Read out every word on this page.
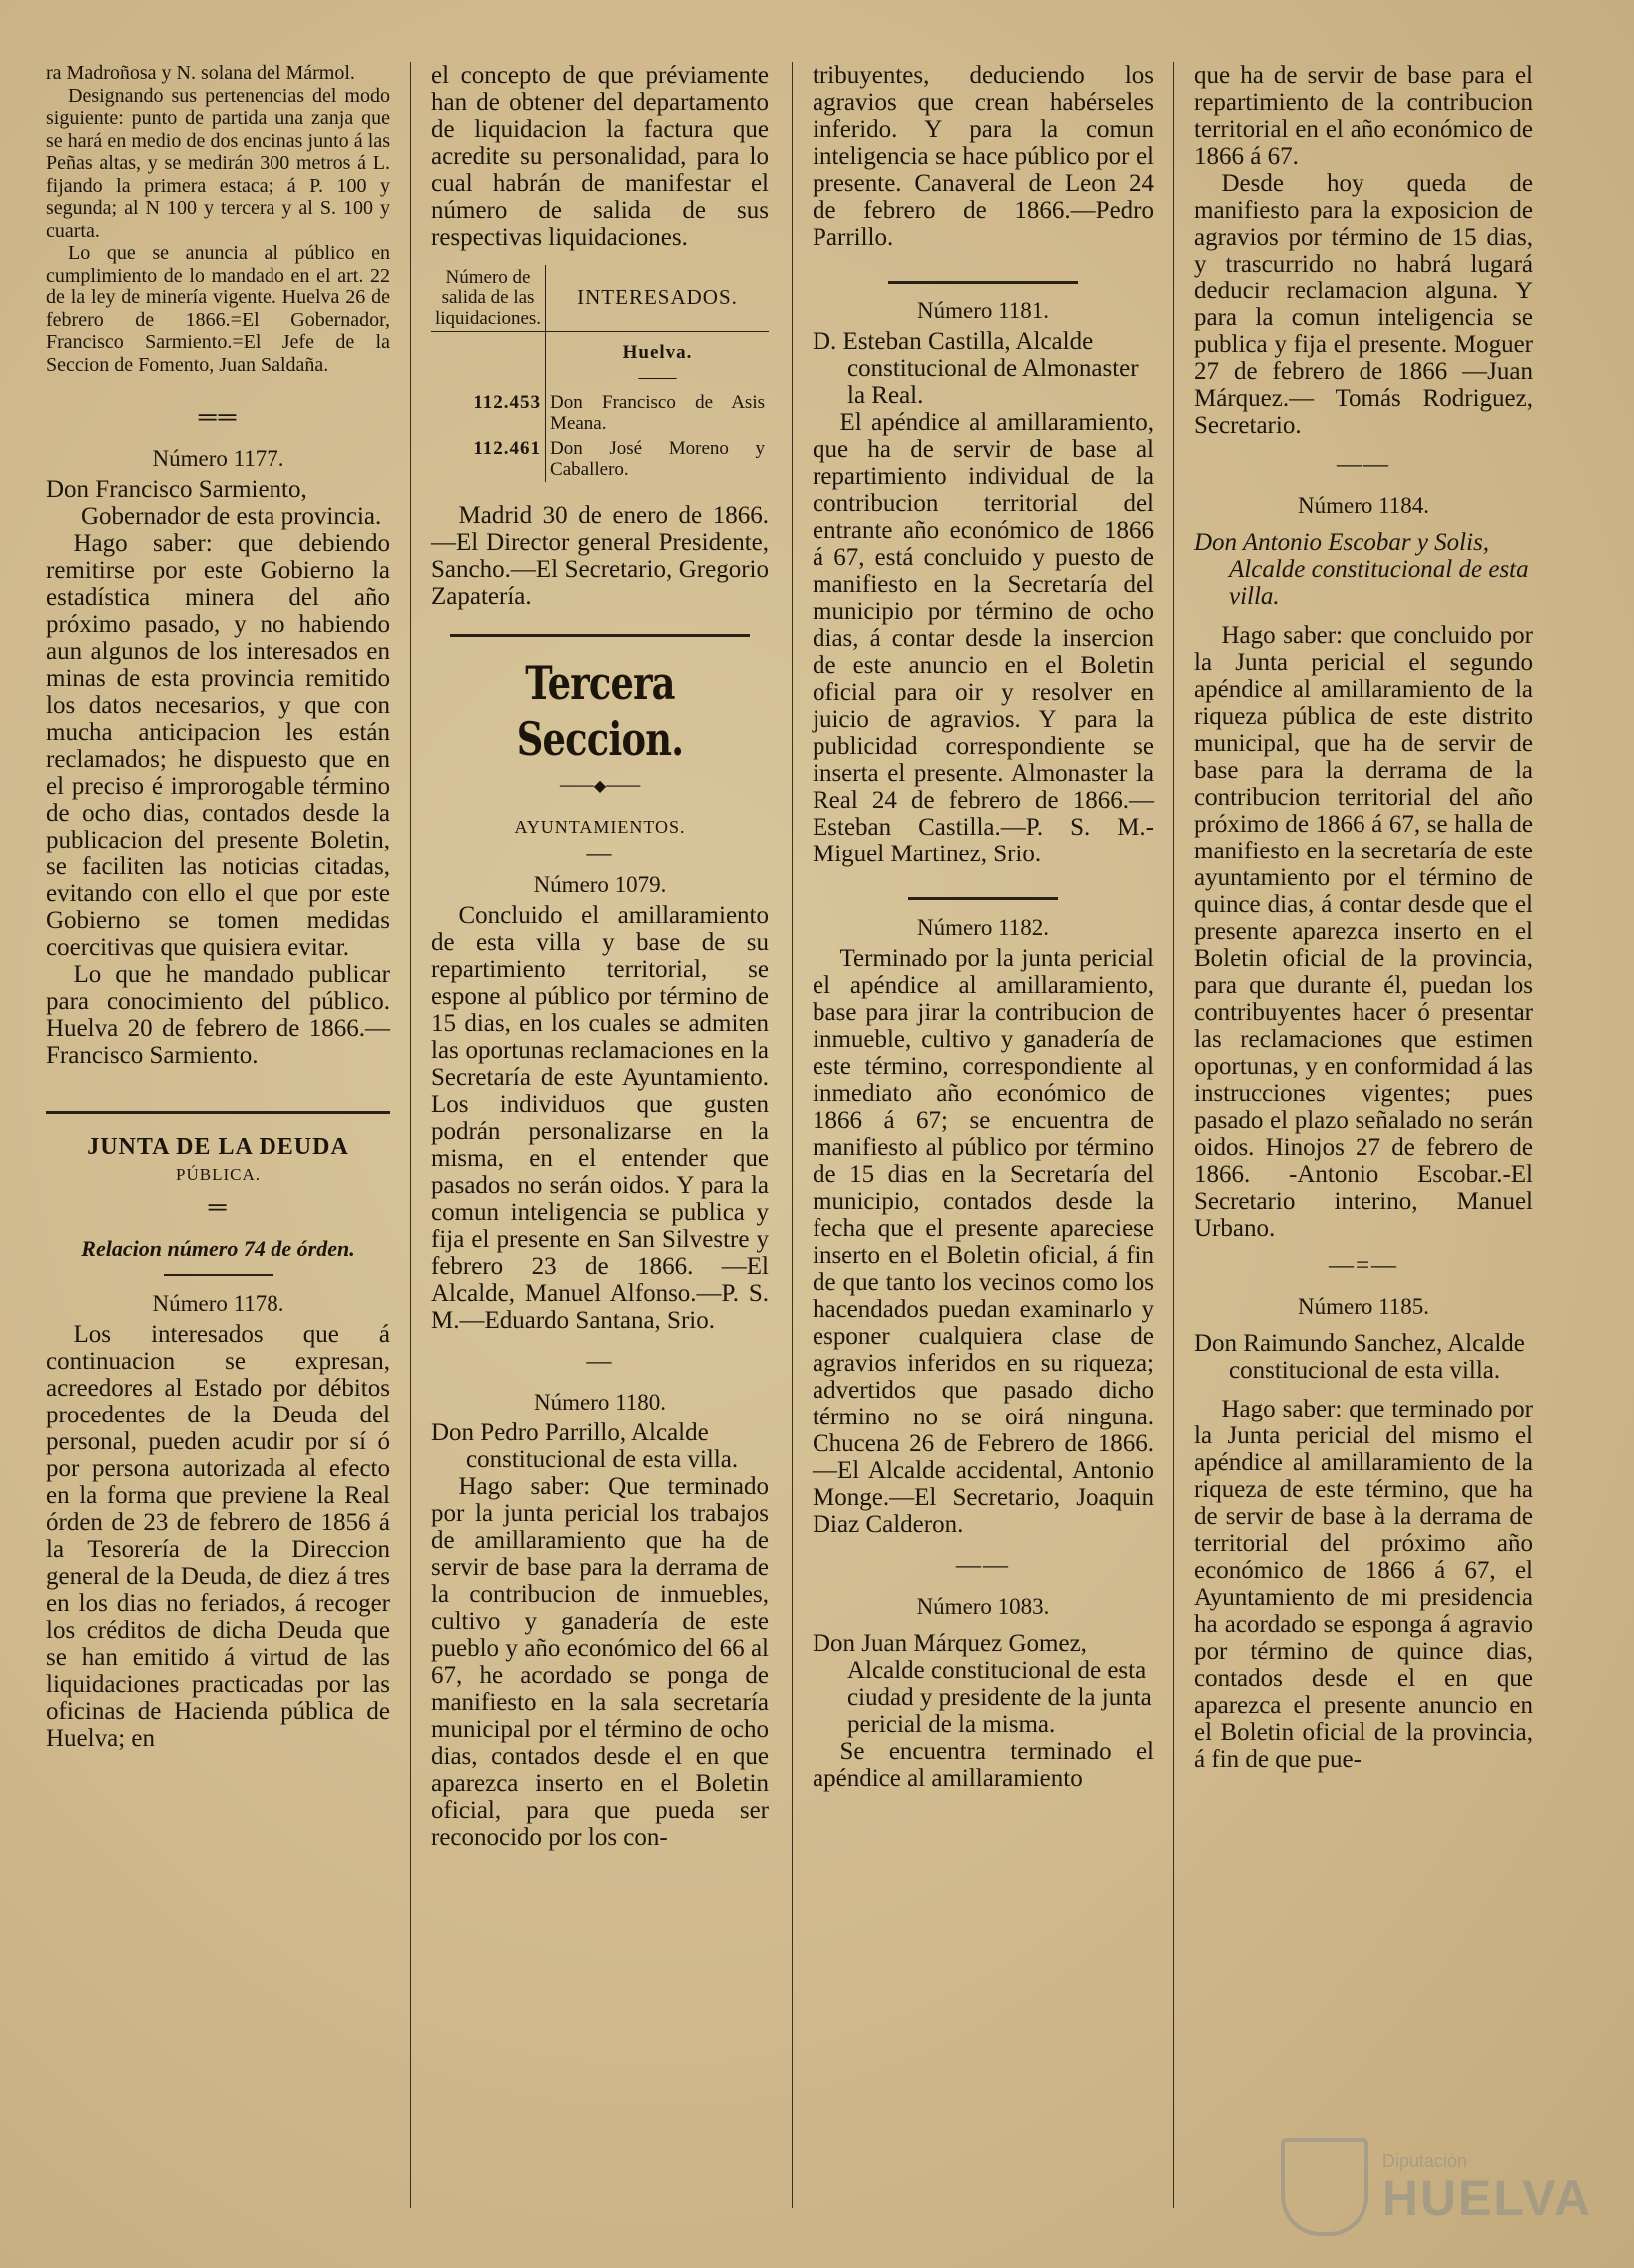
ra Madroñosa y N. solana del Mármol.

Designando sus pertenencias del modo siguiente: punto de partida una zanja que se hará en medio de dos encinas junto á las Peñas altas, y se medirán 300 metros á L. fijando la primera estaca; á P. 100 y segunda; al N 100 y tercera y al S. 100 y cuarta.

Lo que se anuncia al público en cumplimiento de lo mandado en el art. 22 de la ley de minería vigente. Huelva 26 de febrero de 1866.=El Gobernador, Francisco Sarmiento.=El Jefe de la Seccion de Fomento, Juan Saldaña.

══

Número 1177.

Don Francisco Sarmiento, Gobernador de esta provincia.

Hago saber: que debiendo remitirse por este Gobierno la estadística minera del año próximo pasado, y no habiendo aun algunos de los interesados en minas de esta provincia remitido los datos necesarios, y que con mucha anticipacion les están reclamados; he dispuesto que en el preciso é improrogable término de ocho dias, contados desde la publicacion del presente Boletin, se faciliten las noticias citadas, evitando con ello el que por este Gobierno se tomen medidas coercitivas que quisiera evitar.

Lo que he mandado publicar para conocimiento del público. Huelva 20 de febrero de 1866.—Francisco Sarmiento.

JUNTA DE LA DEUDA

PÚBLICA.

═

Relacion número 74 de órden.

Número 1178.

Los interesados que á continuacion se expresan, acreedores al Estado por débitos procedentes de la Deuda del personal, pueden acudir por sí ó por persona autorizada al efecto en la forma que previene la Real órden de 23 de febrero de 1856 á la Tesorería de la Direccion general de la Deuda, de diez á tres en los dias no feriados, á recoger los créditos de dicha Deuda que se han emitido á virtud de las liquidaciones practicadas por las oficinas de Hacienda pública de Huelva; en

el concepto de que préviamente han de obtener del departamento de liquidacion la factura que acredite su personalidad, para lo cual habrán de manifestar el número de salida de sus respectivas liquidaciones.

Número de salida de las liquidaciones.	INTERESADOS.
	Huelva.
	——
112.453	Don Francisco de Asis Meana.
112.461	Don José Moreno y Caballero.

Madrid 30 de enero de 1866. —El Director general Presidente, Sancho.—El Secretario, Gregorio Zapatería.

Tercera Seccion.

───◆───

AYUNTAMIENTOS.

—

Número 1079.

Concluido el amillaramiento de esta villa y base de su repartimiento territorial, se espone al público por término de 15 dias, en los cuales se admiten las oportunas reclamaciones en la Secretaría de este Ayuntamiento. Los individuos que gusten podrán personalizarse en la misma, en el entender que pasados no serán oidos. Y para la comun inteligencia se publica y fija el presente en San Silvestre y febrero 23 de 1866. —El Alcalde, Manuel Alfonso.—P. S. M.—Eduardo Santana, Srio.

—

Número 1180.

Don Pedro Parrillo, Alcalde constitucional de esta villa.

Hago saber: Que terminado por la junta pericial los trabajos de amillaramiento que ha de servir de base para la derrama de la contribucion de inmuebles, cultivo y ganadería de este pueblo y año económico del 66 al 67, he acordado se ponga de manifiesto en la sala secretaría municipal por el término de ocho dias, contados desde el en que aparezca inserto en el Boletin oficial, para que pueda ser reconocido por los con-

tribuyentes, deduciendo los agravios que crean habérseles inferido. Y para la comun inteligencia se hace público por el presente. Canaveral de Leon 24 de febrero de 1866.—Pedro Parrillo.

Número 1181.

D. Esteban Castilla, Alcalde constitucional de Almonaster la Real.

El apéndice al amillaramiento, que ha de servir de base al repartimiento individual de la contribucion territorial del entrante año económico de 1866 á 67, está concluido y puesto de manifiesto en la Secretaría del municipio por término de ocho dias, á contar desde la insercion de este anuncio en el Boletin oficial para oir y resolver en juicio de agravios. Y para la publicidad correspondiente se inserta el presente. Almonaster la Real 24 de febrero de 1866.—Esteban Castilla.—P. S. M.-Miguel Martinez, Srio.

Número 1182.

Terminado por la junta pericial el apéndice al amillaramiento, base para jirar la contribucion de inmueble, cultivo y ganadería de este término, correspondiente al inmediato año económico de 1866 á 67; se encuentra de manifiesto al público por término de 15 dias en la Secretaría del municipio, contados desde la fecha que el presente apareciese inserto en el Boletin oficial, á fin de que tanto los vecinos como los hacendados puedan examinarlo y esponer cualquiera clase de agravios inferidos en su riqueza; advertidos que pasado dicho término no se oirá ninguna. Chucena 26 de Febrero de 1866.—El Alcalde accidental, Antonio Monge.—El Secretario, Joaquin Diaz Calderon.

——

Número 1083.

Don Juan Márquez Gomez, Alcalde constitucional de esta ciudad y presidente de la junta pericial de la misma.

Se encuentra terminado el apéndice al amillaramiento

que ha de servir de base para el repartimiento de la contribucion territorial en el año económico de 1866 á 67.

Desde hoy queda de manifiesto para la exposicion de agravios por término de 15 dias, y trascurrido no habrá lugará deducir reclamacion alguna. Y para la comun inteligencia se publica y fija el presente. Moguer 27 de febrero de 1866 —Juan Márquez.— Tomás Rodriguez, Secretario.

——

Número 1184.

Don Antonio Escobar y Solis, Alcalde constitucional de esta villa.

Hago saber: que concluido por la Junta pericial el segundo apéndice al amillaramiento de la riqueza pública de este distrito municipal, que ha de servir de base para la derrama de la contribucion territorial del año próximo de 1866 á 67, se halla de manifiesto en la secretaría de este ayuntamiento por el término de quince dias, á contar desde que el presente aparezca inserto en el Boletin oficial de la provincia, para que durante él, puedan los contribuyentes hacer ó presentar las reclamaciones que estimen oportunas, y en conformidad á las instrucciones vigentes; pues pasado el plazo señalado no serán oidos. Hinojos 27 de febrero de 1866. -Antonio Escobar.-El Secretario interino, Manuel Urbano.

—=—

Número 1185.

Don Raimundo Sanchez, Alcalde constitucional de esta villa.

Hago saber: que terminado por la Junta pericial del mismo el apéndice al amillaramiento de la riqueza de este término, que ha de servir de base à la derrama de territorial del próximo año económico de 1866 á 67, el Ayuntamiento de mi presidencia ha acordado se esponga á agravio por término de quince dias, contados desde el en que aparezca el presente anuncio en el Boletin oficial de la provincia, á fin de que pue-

Diputación
HUELVA
